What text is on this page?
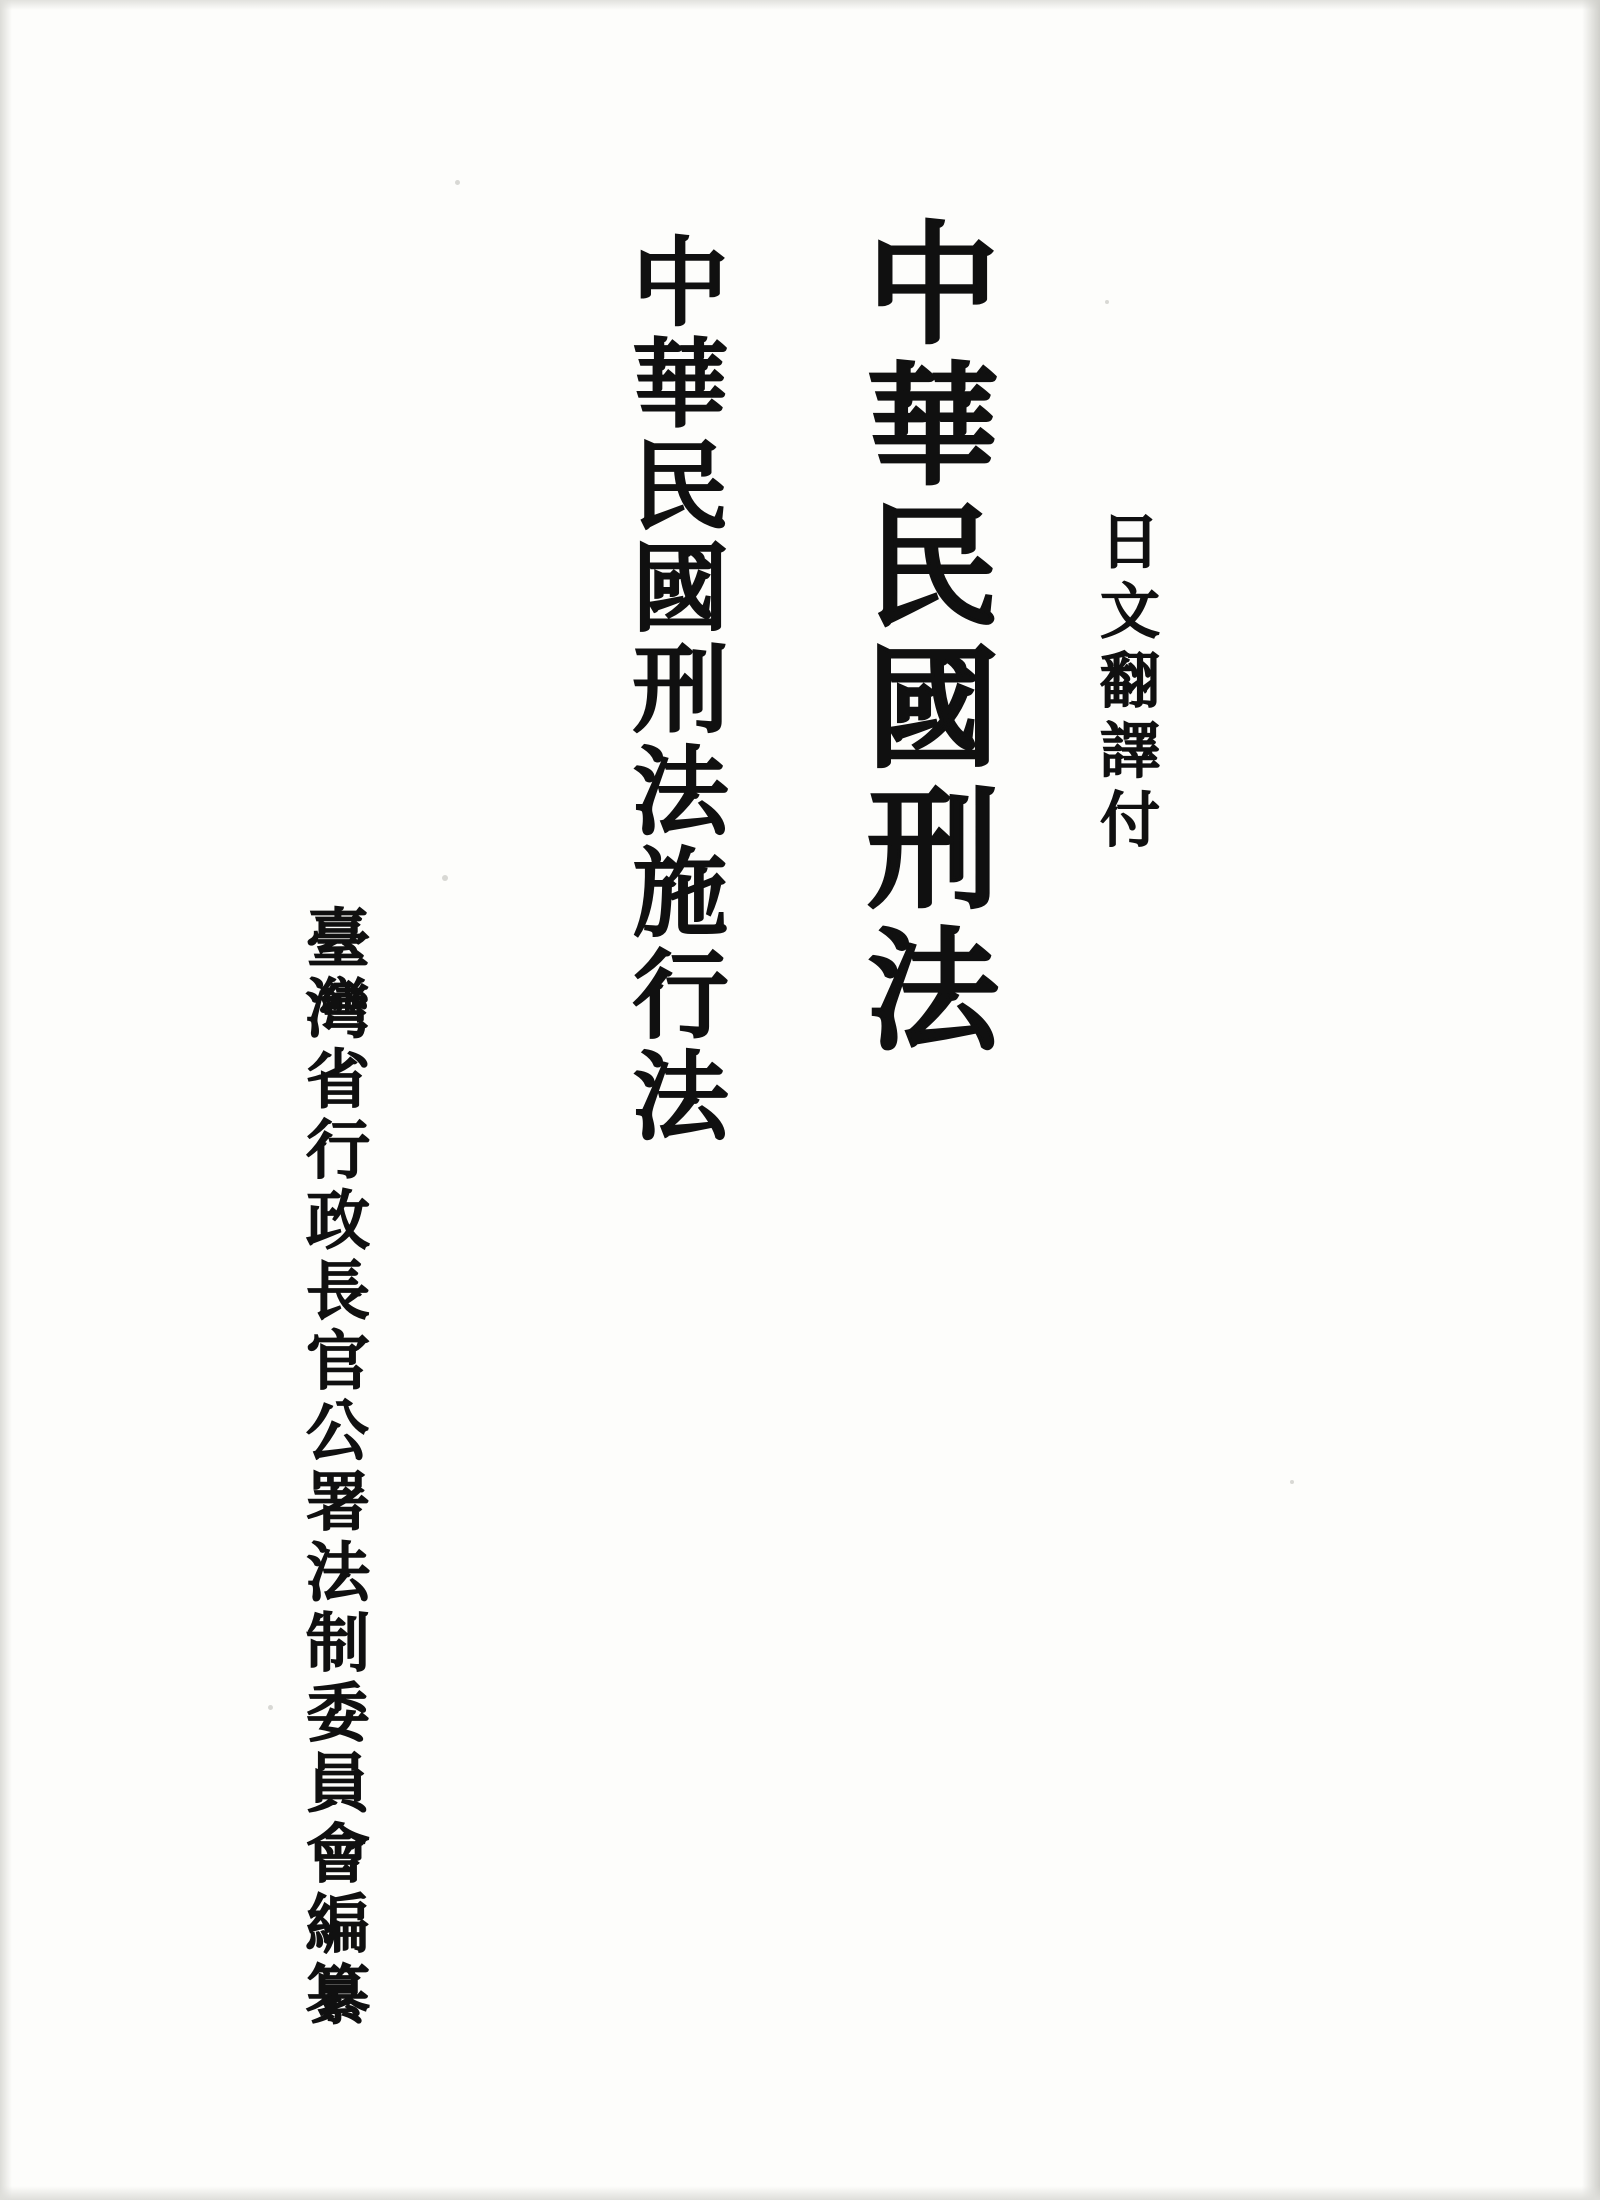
中華民國刑法
中華民國刑法施行法	日文翻譯付
臺灣省行政長官公署法制委員會編纂
